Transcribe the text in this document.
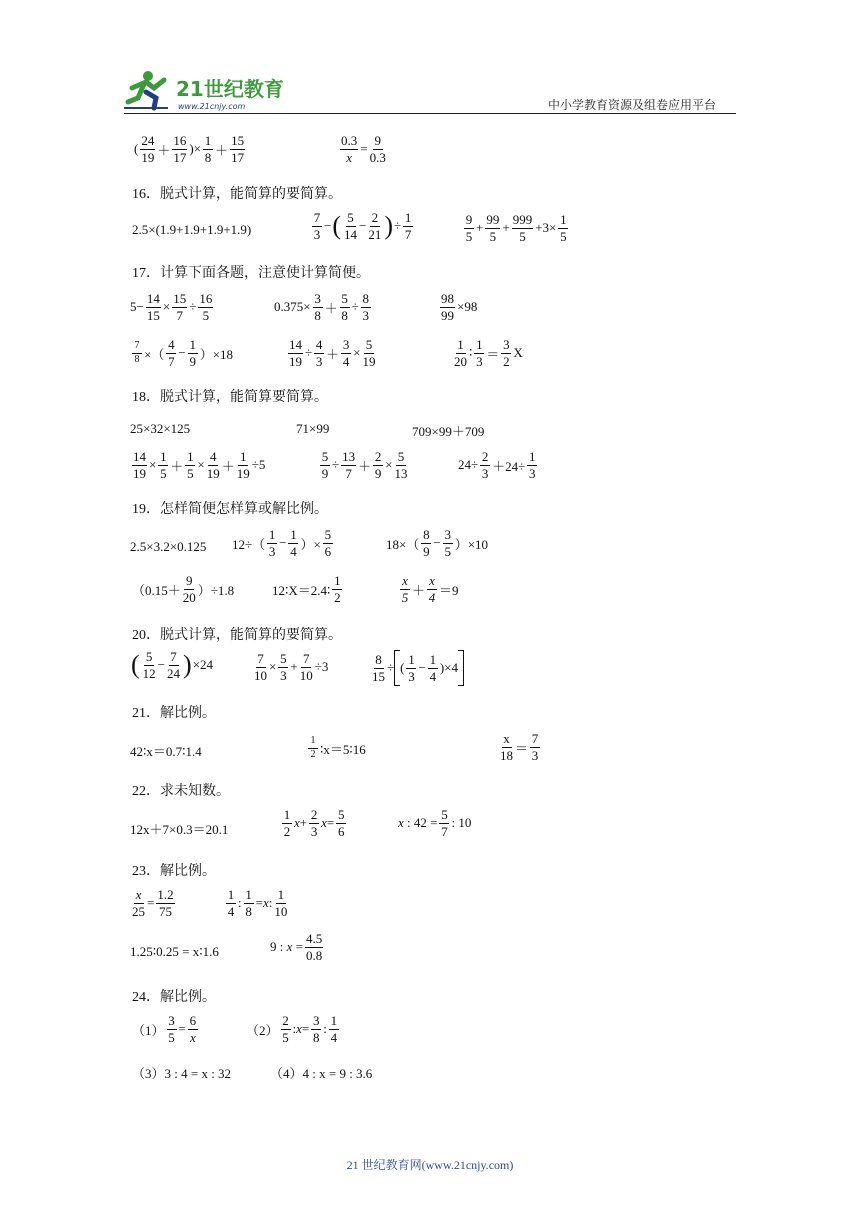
21世纪教育
www.21cnjy.com	中小学教育资源及组卷应用平台
( $\frac{24}{19} + \frac{16}{17}$ ) × $\frac{1}{8} + \frac{15}{17}$	$\frac{0.3}{x} = \frac{9}{0.3}$
16．脱式计算，能简算的要简算。
2.5×(1.9+1.9+1.9+1.9)	$\frac{7}{3}$ − ( $\frac{5}{14} - \frac{2}{21}$ ) ÷ $\frac{1}{7}$	$\frac{9}{5} + \frac{99}{5} + \frac{999}{5} +3\times \frac{1}{5}$
17．计算下面各题，注意使计算简便。
$5- \frac{14}{15} \times \frac{15}{7} \div \frac{16}{5}$	$0.375\times \frac{3}{8} + \frac{5}{8} \div \frac{8}{3}$	$\frac{98}{99} \times 98$
$\frac{7}{8}$ ×（ $\frac{4}{7} - \frac{1}{9} )\times 18$	$\frac{14}{19} \div \frac{4}{3} + \frac{3}{4} \times \frac{5}{19}$	$\frac{1}{20}$ ∶ $\frac{1}{3} = \frac{3}{2}$ X
18．脱式计算，能简算要简算。
25×32×125	71×99	709×99＋709
$\frac{14}{19} \times \frac{1}{5} + \frac{1}{5} \times \frac{4}{19} + \frac{1}{19} \div 5$	$\frac{5}{9} \div \frac{13}{7} + \frac{2}{9} \times \frac{5}{13}$	$24\div \frac{2}{3} +24\div \frac{1}{3}$
19．怎样简便怎样算或解比例。
2.5×3.2×0.125 $12\div( \frac{1}{3} - \frac{1}{4}$ ）× $\frac{5}{6}$	$18\times( \frac{8}{9} - \frac{3}{5} )\times 10$
$(0.15+ \frac{9}{20} )\div 1.8$	12∶X＝2.4∶ $\frac{1}{2}$	$\frac{x}{5} + \frac{x}{4} =9$
20．脱式计算，能简算的要简算。
( $\frac{5}{12} - \frac{7}{24}$ ) ×24	$\frac{7}{10} \times \frac{5}{3} + \frac{7}{10} \div 3$	$\frac{8}{15}$ ÷ ( $\frac{1}{3} - \frac{1}{4} )\times 4$
21．解比例。
42∶x＝0.7∶1.4	$\frac{1}{2}$ ∶x＝5∶16	$\frac{x}{18} = \frac{7}{3}$
22．求未知数。
12x＋7×0.3＝20.1	$\frac{1}{2}$ $x + \frac{2}{3}$ $x = \frac{5}{6}$	x : $42 = \frac{5}{7}$ : 10
23．解比例。
$\frac{x}{25} = \frac{1.2}{75}$	$\frac{1}{4}$ : $\frac{1}{8} = x$ : $\frac{1}{10}$
1.25∶0.25 = x∶1.6	9 : $x = \frac{4.5}{0.8}$
24．解比例。
$(1) \frac{3}{5} = \frac{6}{x}$	$(2) \frac{2}{5}$ : $x = \frac{3}{8}$ : $\frac{1}{4}$
（3）3 : 4 = x : 32	（4）4 : x = 9 : 3.6
21 世纪教育网(www.21cnjy.com)
